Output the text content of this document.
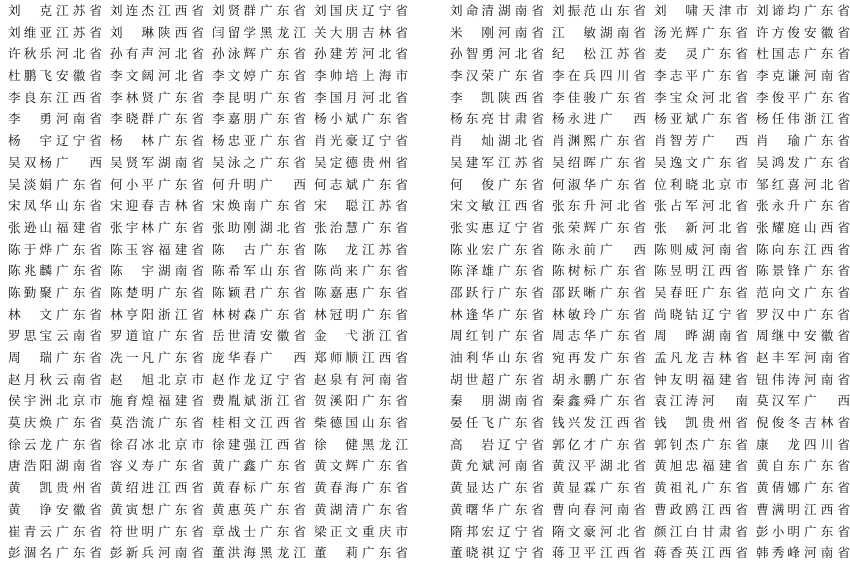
刘克 江苏省
刘维亚 江苏省
许秋乐 河北省
杜鹏飞 安徽省
李良东 江西省
李勇 河南省
杨宇 辽宁省
吴双杨 广西
吴淡娟 广东省
宋凤华 山东省
张逊山 福建省
陈于烨 广东省
陈兆麟 广东省
陈勤聚 广东省
林文 广东省
罗思宝 云南省
周瑞 广东省
赵月秋 云南省
侯宇洲 北京市
莫庆焕 广东省
徐云龙 广东省
唐浩阳 湖南省
黄凯 贵州省
黄诤 安徽省
崔青云 广东省
彭涸名 广东省
刘连杰 江西省
刘琳 陕西省
孙有声 河北省
李文阔 河北省
李林贤 广东省
李晓群 广东省
杨林 广东省
吴贤军 湖南省
何小平 广东省
宋迎春 吉林省
张宇林 广东省
陈玉容 福建省
陈宇 湖南省
陈楚明 广东省
林亨阳 浙江省
罗道谊 广东省
冼一凡 广东省
赵旭 北京市
施育煌 福建省
莫浩流 广东省
徐召冰 北京市
容义寿 广东省
黄绍进 江西省
黄寅想 广东省
符世明 广东省
彭新兵 河南省
刘贤群 广东省
闫留学 黑龙江
孙泳辉 广东省
李文婷 广东省
李昆明 广东省
李嘉朋 广东省
杨忠亚 广东省
吴泳之 广东省
何升明 广西
宋焕南 广东省
张助刚 湖北省
陈古 广东省
陈希军 山东省
陈颖君 广东省
林树森 广东省
岳世清 安徽省
庞华春 广西
赵作龙 辽宁省
费胤斌 浙江省
桂相文 江西省
徐建强 江西省
黄广鑫 广东省
黄春标 广东省
黄惠英 广东省
章战士 广东省
董洪海 黑龙江
刘国庆 辽宁省
关大朋 吉林省
孙建芳 河北省
李帅培 上海市
李国月 河北省
杨小斌 广东省
肖光豪 辽宁省
吴定德 贵州省
何志斌 广东省
宋聪 江苏省
张治慧 广东省
陈龙 江苏省
陈尚来 广东省
陈嘉惠 广东省
林冠明 广东省
金弋 浙江省
郑师顺 江西省
赵泉有 河南省
贺溪阳 广东省
柴德国 山东省
徐健 黑龙江
黄文辉 广东省
黄春海 广东省
黄湖清 广东省
梁正文 重庆市
董莉 广东省
刘命清 湖南省
米刚 河南省
孙智勇 河北省
李汉荣 广东省
李凯 陕西省
杨东亮 甘肃省
肖灿 湖北省
吴建军 江苏省
何俊 广东省
宋文敏 江西省
张实惠 辽宁省
陈业宏 广东省
陈泽雄 广东省
邵跃行 广东省
林逢华 广东省
周红钊 广东省
油利华 山东省
胡世超 广东省
秦朋 湖南省
晏任飞 广东省
高岩 辽宁省
黄允斌 河南省
黄显达 广东省
黄曙华 广东省
隋邦宏 辽宁省
董晓祺 辽宁省
刘振范 山东省
江敏 湖南省
纪松 江苏省
李在兵 四川省
李佳骏 广东省
杨永进 广西
肖渊熙 广东省
吴绍晖 广东省
何淑华 广东省
张东升 河北省
张荣辉 广东省
陈永前 广西
陈树标 广东省
邵跃晰 广东省
林敏玲 广东省
周志华 广东省
宛再发 广东省
胡永鹏 广东省
秦鑫舜 广东省
钱兴发 江西省
郭亿才 广东省
黄汉平 湖北省
黄显霖 广东省
曹向春 河南省
隋文豪 河北省
蒋卫平 江西省
刘啸 天津市
汤光辉 广东省
麦灵 广东省
李志平 广东省
李宝众 河北省
杨亚斌 广东省
肖智芳 广西
吴逸文 广东省
位利晓 北京市
张占军 河北省
张新 河北省
陈则威 河南省
陈昱明 江西省
吴春旺 广东省
尚晓钴 辽宁省
周晔 湖南省
孟凡龙 吉林省
钟友明 福建省
袁江涛 河南
钱凯 贵州省
郭钊杰 广东省
黄旭忠 福建省
黄祖礼 广东省
曹政鸥 江西省
颜江白 甘肃省
蒋香英 江西省
刘谛均 广东省
许方俊 安徽省
杜国志 广东省
李克谦 河南省
李俊平 广东省
杨任伟 浙江省
肖瑜 广东省
吴鸿发 广东省
邹红喜 河北省
张永升 广东省
张耀庭 山西省
陈向东 江西省
陈景锋 广东省
范向文 广东省
罗汉中 广东省
周继中 安徽省
赵丰军 河南省
钮伟涛 河南省
莫汉军 广西
倪俊冬 吉林省
康龙 四川省
黄自东 广东省
黄倩娜 广东省
曹满明 江西省
彭小明 广东省
韩秀峰 河南省
